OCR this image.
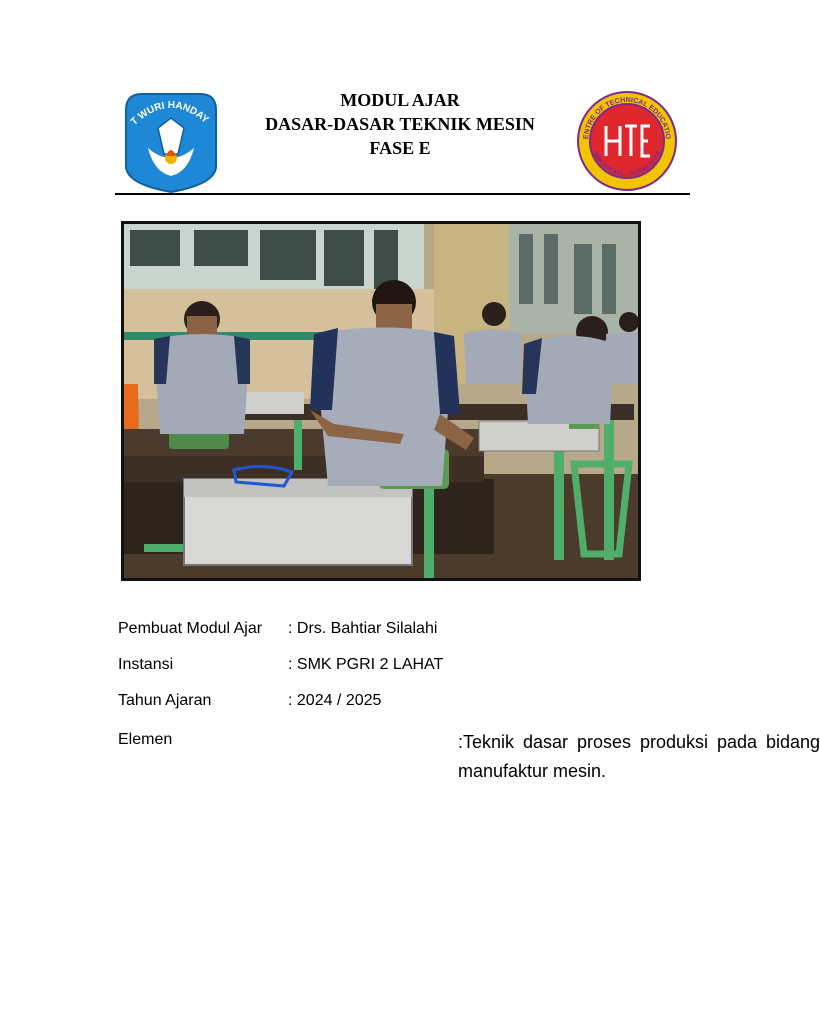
T WURI HANDAY
MODUL AJAR
DASAR-DASAR TEKNIK MESIN
FASE E
ENTRE OF TECHNICAL EDUCATIO
SMK MIKAEL - SURAKARTA
Pembuat Modul Ajar : Drs. Bahtiar Silalahi
Instansi	: SMK PGRI 2 LAHAT
Tahun Ajaran	: 2024 / 2025
Elemen	:Teknik dasar proses produksi pada bidang manufaktur mesin.
